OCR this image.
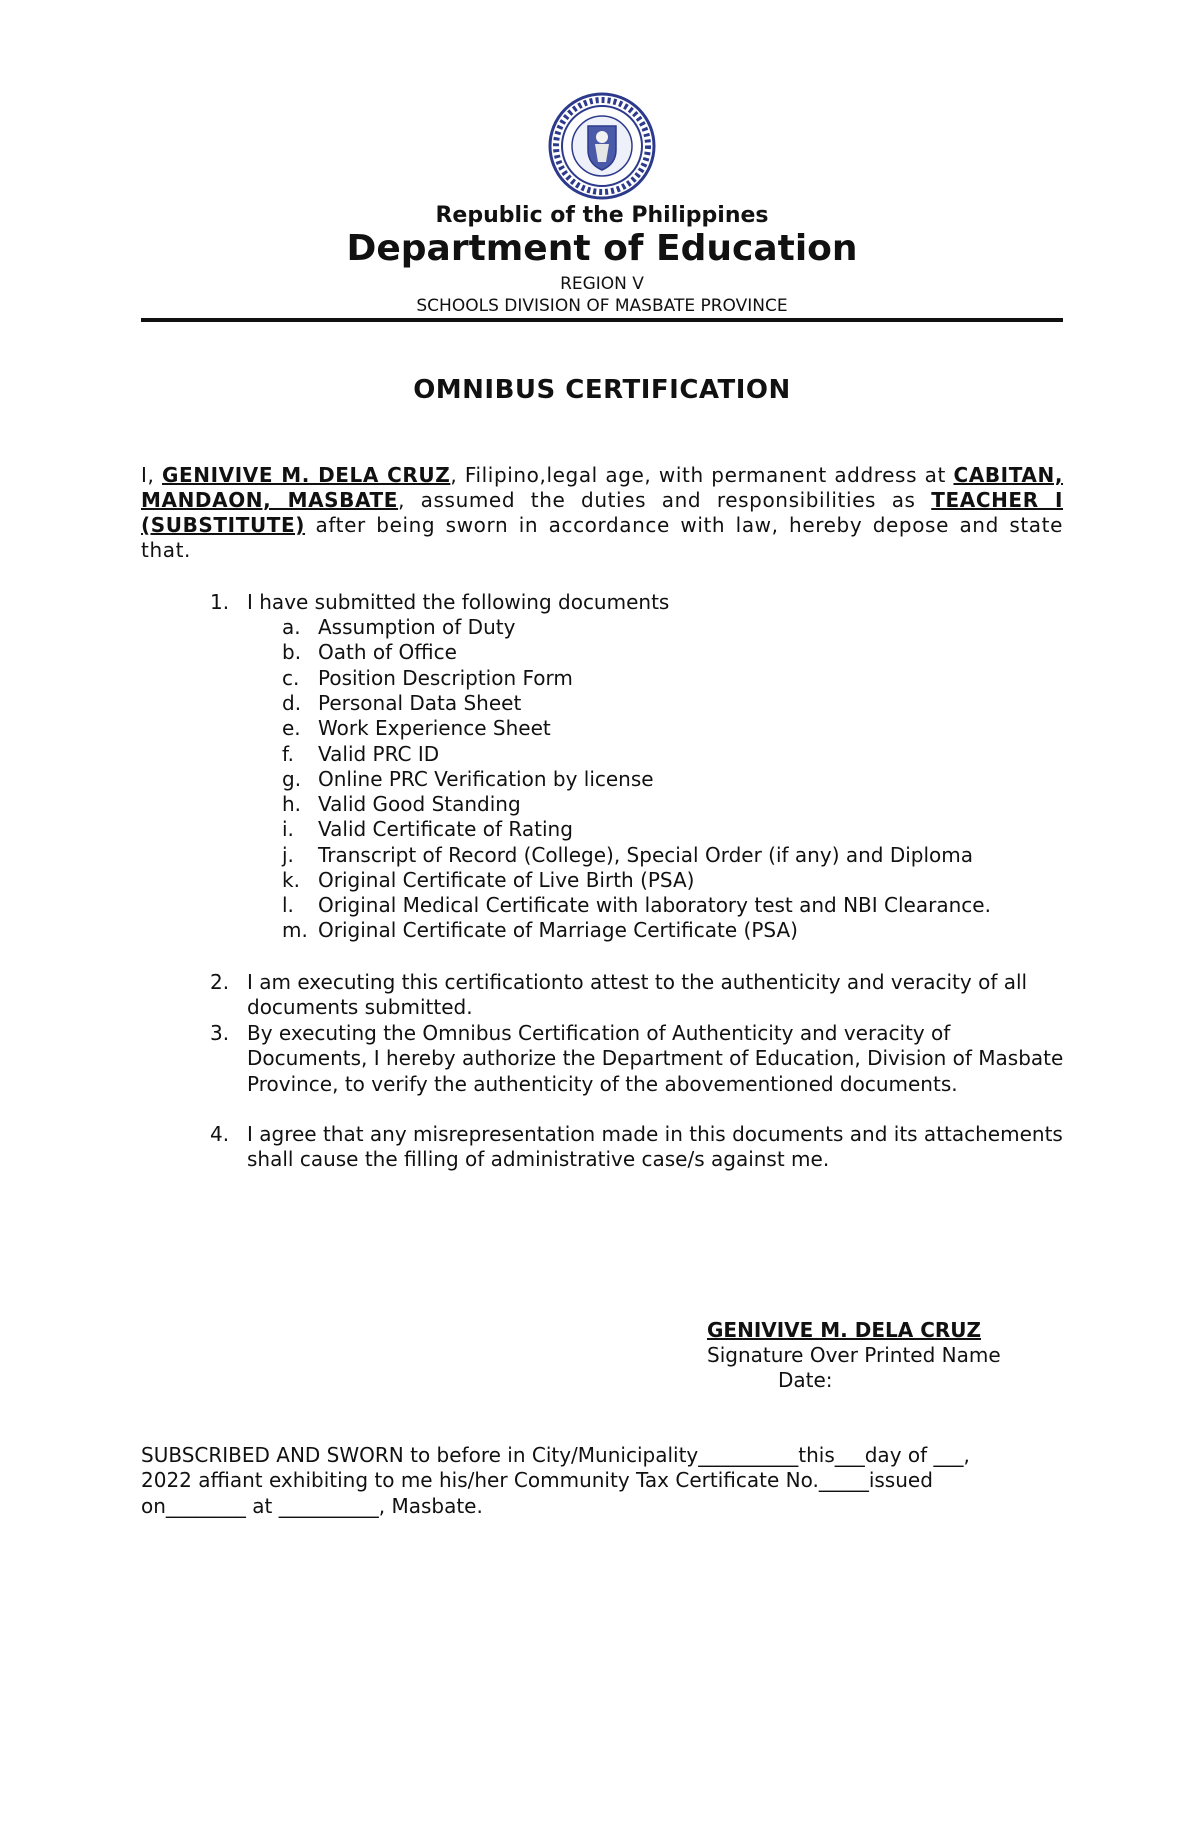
Republic of the Philippines
Department of Education
REGION V
SCHOOLS DIVISION OF MASBATE PROVINCE
OMNIBUS CERTIFICATION
I, GENIVIVE M. DELA CRUZ, Filipino,legal age, with permanent address at CABITAN, MANDAON, MASBATE, assumed the duties and responsibilities as TEACHER I (SUBSTITUTE) after being sworn in accordance with law, hereby depose and state that.
1. I have submitted the following documents
a. Assumption of Duty
b. Oath of Office
c. Position Description Form
d. Personal Data Sheet
e. Work Experience Sheet
f. Valid PRC ID
g. Online PRC Verification by license
h. Valid Good Standing
i. Valid Certificate of Rating
j. Transcript of Record (College), Special Order (if any) and Diploma
k. Original Certificate of Live Birth (PSA)
l. Original Medical Certificate with laboratory test and NBI Clearance.
m. Original Certificate of Marriage Certificate (PSA)
2. I am executing this certificationto attest to the authenticity and veracity of all documents submitted.
3. By executing the Omnibus Certification of Authenticity and veracity of Documents, I hereby authorize the Department of Education, Division of Masbate Province, to verify the authenticity of the abovementioned documents.
4. I agree that any misrepresentation made in this documents and its attachements shall cause the filling of administrative case/s against me.
GENIVIVE M. DELA CRUZ
Signature Over Printed Name
Date:
SUBSCRIBED AND SWORN to before in City/Municipality__________this___day of ___,
2022 affiant exhibiting to me his/her Community Tax Certificate No._____issued
on________ at __________, Masbate.
